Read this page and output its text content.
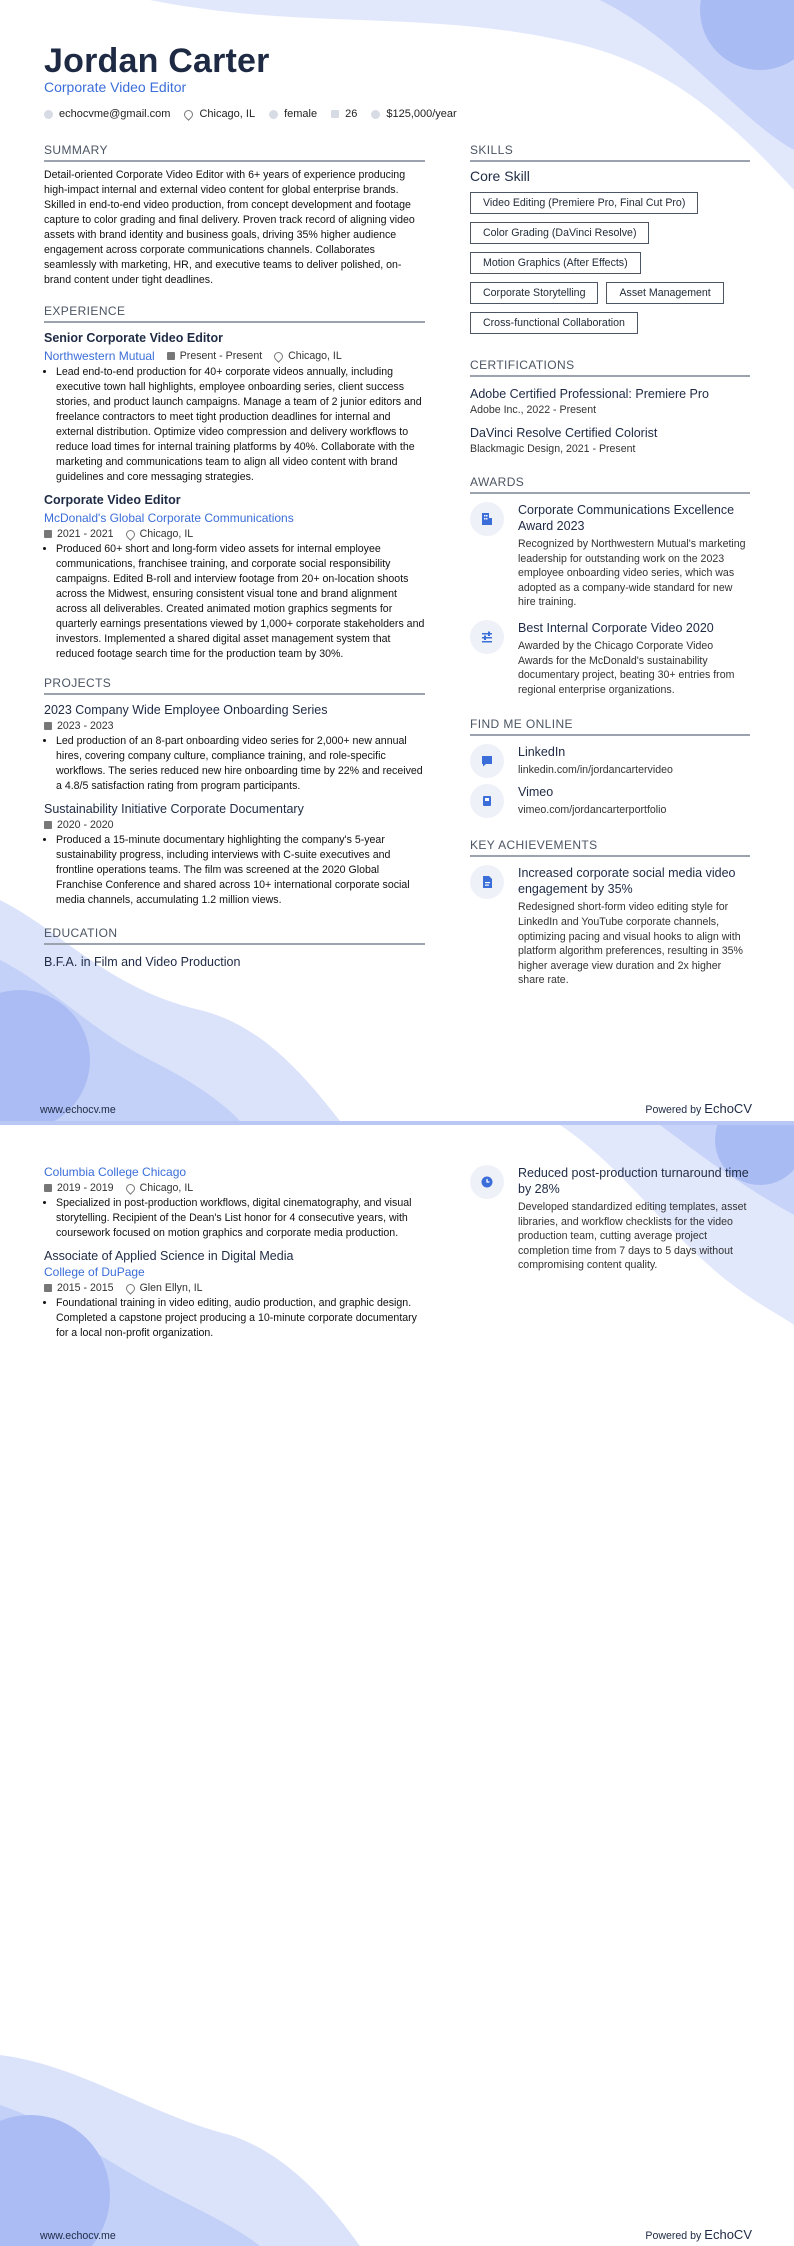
Jordan Carter
Corporate Video Editor
echocvme@gmail.com	Chicago, IL	female	26	$125,000/year
SUMMARY

Detail-oriented Corporate Video Editor with 6+ years of experience producing high-impact internal and external video content for global enterprise brands. Skilled in end-to-end video production, from concept development and footage capture to color grading and final delivery. Proven track record of aligning video assets with brand identity and business goals, driving 35% higher audience engagement across corporate communications channels. Collaborates seamlessly with marketing, HR, and executive teams to deliver polished, on-brand content under tight deadlines.

EXPERIENCE
Senior Corporate Video Editor
Northwestern Mutual Present - Present Chicago, IL
• Lead end-to-end production for 40+ corporate videos annually, including executive town hall highlights, employee onboarding series, client success stories, and product launch campaigns. Manage a team of 2 junior editors and freelance contractors to meet tight production deadlines for internal and external distribution. Optimize video compression and delivery workflows to reduce load times for internal training platforms by 40%. Collaborate with the marketing and communications team to align all video content with brand guidelines and core messaging strategies.
Corporate Video Editor
McDonald's Global Corporate Communications
2021 - 2021 Chicago, IL
• Produced 60+ short and long-form video assets for internal employee communications, franchisee training, and corporate social responsibility campaigns. Edited B-roll and interview footage from 20+ on-location shoots across the Midwest, ensuring consistent visual tone and brand alignment across all deliverables. Created animated motion graphics segments for quarterly earnings presentations viewed by 1,000+ corporate stakeholders and investors. Implemented a shared digital asset management system that reduced footage search time for the production team by 30%.
PROJECTS
2023 Company Wide Employee Onboarding Series
2023 - 2023
• Led production of an 8-part onboarding video series for 2,000+ new annual hires, covering company culture, compliance training, and role-specific workflows. The series reduced new hire onboarding time by 22% and received a 4.8/5 satisfaction rating from program participants.
Sustainability Initiative Corporate Documentary
2020 - 2020
• Produced a 15-minute documentary highlighting the company's 5-year sustainability progress, including interviews with C-suite executives and frontline operations teams. The film was screened at the 2020 Global Franchise Conference and shared across 10+ international corporate social media channels, accumulating 1.2 million views.
EDUCATION
B.F.A. in Film and Video Production
SKILLS
Core Skill
Video Editing (Premiere Pro, Final Cut Pro)
Color Grading (DaVinci Resolve)
Motion Graphics (After Effects)
Corporate Storytelling	Asset Management
Cross-functional Collaboration
CERTIFICATIONS
Adobe Certified Professional: Premiere Pro
Adobe Inc., 2022 - Present
DaVinci Resolve Certified Colorist
Blackmagic Design, 2021 - Present
AWARDS
Corporate Communications Excellence Award 2023
Recognized by Northwestern Mutual's marketing leadership for outstanding work on the 2023 employee onboarding video series, which was adopted as a company-wide standard for new hire training.
Best Internal Corporate Video 2020
Awarded by the Chicago Corporate Video Awards for the McDonald's sustainability documentary project, beating 30+ entries from regional enterprise organizations.
FIND ME ONLINE
LinkedIn
linkedin.com/in/jordancartervideo
Vimeo
vimeo.com/jordancarterportfolio
KEY ACHIEVEMENTS
Increased corporate social media video engagement by 35%
Redesigned short-form video editing style for LinkedIn and YouTube corporate channels, optimizing pacing and visual hooks to align with platform algorithm preferences, resulting in 35% higher average view duration and 2x higher share rate.
www.echocv.me	Powered by EchoCV
Columbia College Chicago
2019 - 2019 Chicago, IL
• Specialized in post-production workflows, digital cinematography, and visual storytelling. Recipient of the Dean's List honor for 4 consecutive years, with coursework focused on motion graphics and corporate media production.
Associate of Applied Science in Digital Media
College of DuPage
2015 - 2015 Glen Ellyn, IL
• Foundational training in video editing, audio production, and graphic design. Completed a capstone project producing a 10-minute corporate documentary for a local non-profit organization.
Reduced post-production turnaround time by 28%
Developed standardized editing templates, asset libraries, and workflow checklists for the video production team, cutting average project completion time from 7 days to 5 days without compromising content quality.
www.echocv.me	Powered by EchoCV
